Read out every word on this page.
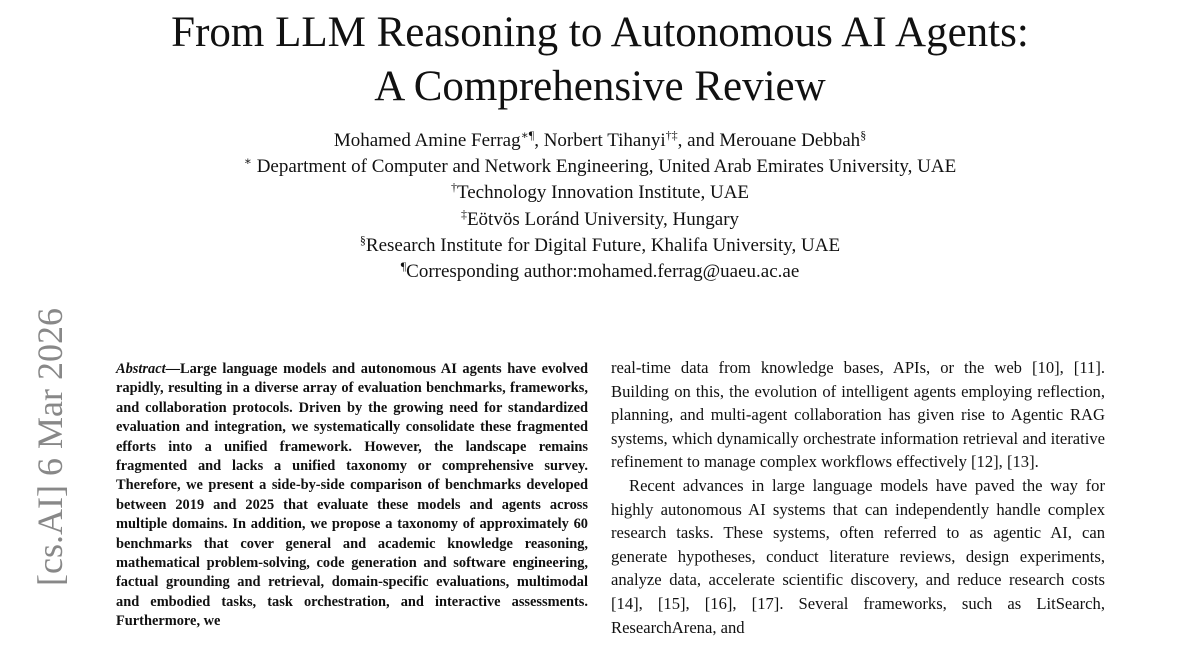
From LLM Reasoning to Autonomous AI Agents:
A Comprehensive Review
Mohamed Amine Ferrag∗¶, Norbert Tihanyi†‡, and Merouane Debbah§
∗ Department of Computer and Network Engineering, United Arab Emirates University, UAE
†Technology Innovation Institute, UAE
‡Eötvös Loránd University, Hungary
§Research Institute for Digital Future, Khalifa University, UAE
¶Corresponding author:mohamed.ferrag@uaeu.ac.ae
[cs.AI] 6 Mar 2026	Abstract—Large language models and autonomous AI agents have evolved rapidly, resulting in a diverse array of evaluation benchmarks, frameworks, and collaboration protocols. Driven by the growing need for standardized evaluation and integration, we systematically consolidate these fragmented efforts into a unified framework. However, the landscape remains fragmented and lacks a unified taxonomy or comprehensive survey. Therefore, we present a side-by-side comparison of benchmarks developed between 2019 and 2025 that evaluate these models and agents across multiple domains. In addition, we propose a taxonomy of approximately 60 benchmarks that cover general and academic knowledge reasoning, mathematical problem-solving, code generation and software engineering, factual grounding and retrieval, domain-specific evaluations, multimodal and embodied tasks, task orchestration, and interactive assessments. Furthermore, we

real-time data from knowledge bases, APIs, or the web [10], [11]. Building on this, the evolution of intelligent agents employing reflection, planning, and multi-agent collaboration has given rise to Agentic RAG systems, which dynamically orchestrate information retrieval and iterative refinement to manage complex workflows effectively [12], [13].

Recent advances in large language models have paved the way for highly autonomous AI systems that can independently handle complex research tasks. These systems, often referred to as agentic AI, can generate hypotheses, conduct literature reviews, design experiments, analyze data, accelerate scientific discovery, and reduce research costs [14], [15], [16], [17]. Several frameworks, such as LitSearch, ResearchArena, and
